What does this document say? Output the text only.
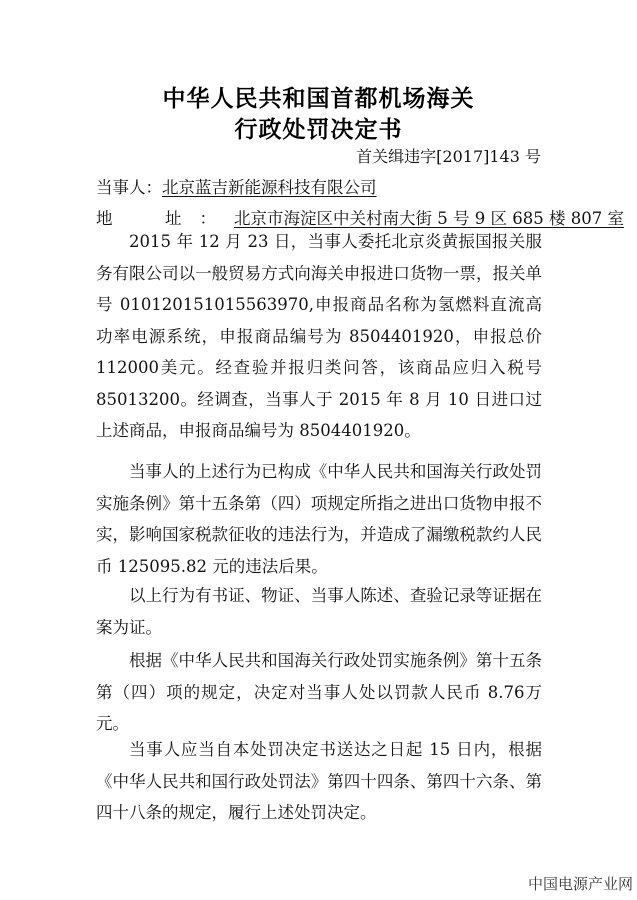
中华人民共和国首都机场海关
行政处罚决定书
首关缉违字[2017]143 号
当事人：北京蓝吉新能源科技有限公司
地　址：北京市海淀区中关村南大街 5 号 9 区 685 楼 807 室

2015 年 12 月 23 日，当事人委托北京炎黄振国报关服务有限公司以一般贸易方式向海关申报进口货物一票，报关单号 010120151015563970,申报商品名称为氢燃料直流高功率电源系统，申报商品编号为 8504401920，申报总价 112000美元。经查验并报归类问答，该商品应归入税号 85013200。经调查，当事人于 2015 年 8 月 10 日进口过上述商品，申报商品编号为 8504401920。

当事人的上述行为已构成《中华人民共和国海关行政处罚实施条例》第十五条第（四）项规定所指之进出口货物申报不实，影响国家税款征收的违法行为，并造成了漏缴税款约人民币 125095.82 元的违法后果。

以上行为有书证、物证、当事人陈述、查验记录等证据在案为证。

根据《中华人民共和国海关行政处罚实施条例》第十五条第（四）项的规定，决定对当事人处以罚款人民币 8.76万元。

当事人应当自本处罚决定书送达之日起 15 日内，根据《中华人民共和国行政处罚法》第四十四条、第四十六条、第四十八条的规定，履行上述处罚决定。

中国电源产业网
